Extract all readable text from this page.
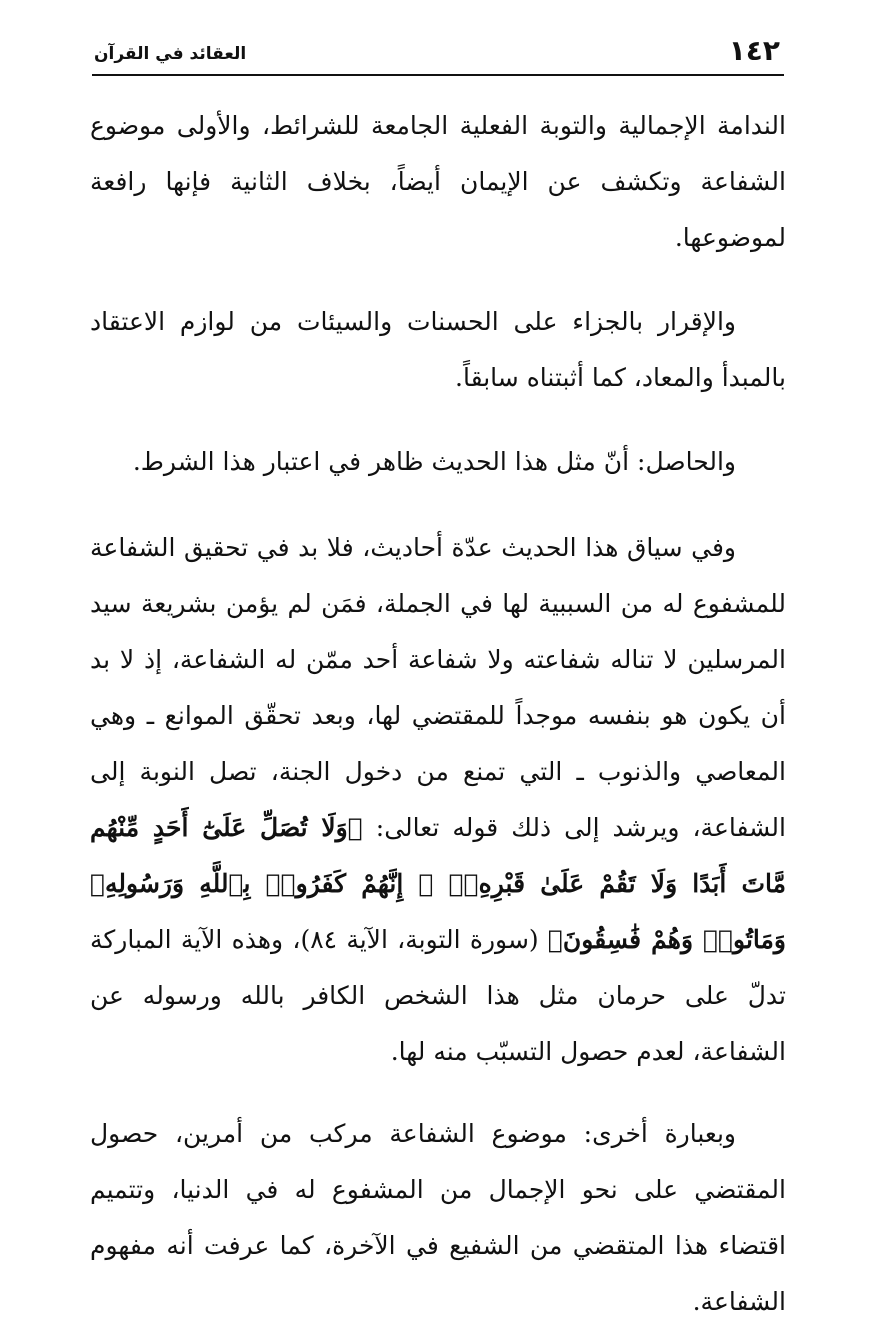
١٤٢
العقائد في القرآن

الندامة الإجمالية والتوبة الفعلية الجامعة للشرائط، والأولى موضوع الشفاعة وتكشف عن الإيمان أيضاً، بخلاف الثانية فإنها رافعة لموضوعها.

والإقرار بالجزاء على الحسنات والسيئات من لوازم الاعتقاد بالمبدأ والمعاد، كما أثبتناه سابقاً.

والحاصل: أنّ مثل هذا الحديث ظاهر في اعتبار هذا الشرط.

وفي سياق هذا الحديث عدّة أحاديث، فلا بد في تحقيق الشفاعة للمشفوع له من السببية لها في الجملة، فمَن لم يؤمن بشريعة سيد المرسلين لا تناله شفاعته ولا شفاعة أحد ممّن له الشفاعة، إذ لا بد أن يكون هو بنفسه موجداً للمقتضي لها، وبعد تحقّق الموانع ـ وهي المعاصي والذنوب ـ التي تمنع من دخول الجنة، تصل النوبة إلى الشفاعة، ويرشد إلى ذلك قوله تعالى: ﴿وَلَا تُصَلِّ عَلَىٰٓ أَحَدٍ مِّنْهُم مَّاتَ أَبَدًا وَلَا تَقُمْ عَلَىٰ قَبْرِهِۦٓ ۖ إِنَّهُمْ كَفَرُوا۟ بِٱللَّهِ وَرَسُولِهِۦ وَمَاتُوا۟ وَهُمْ فَٰسِقُونَ﴾ (سورة التوبة، الآية ٨٤)، وهذه الآية المباركة تدلّ على حرمان مثل هذا الشخص الكافر بالله ورسوله عن الشفاعة، لعدم حصول التسبّب منه لها.

وبعبارة أخرى: موضوع الشفاعة مركب من أمرين، حصول المقتضي على نحو الإجمال من المشفوع له في الدنيا، وتتميم اقتضاء هذا المتقضي من الشفيع في الآخرة، كما عرفت أنه مفهوم الشفاعة.
